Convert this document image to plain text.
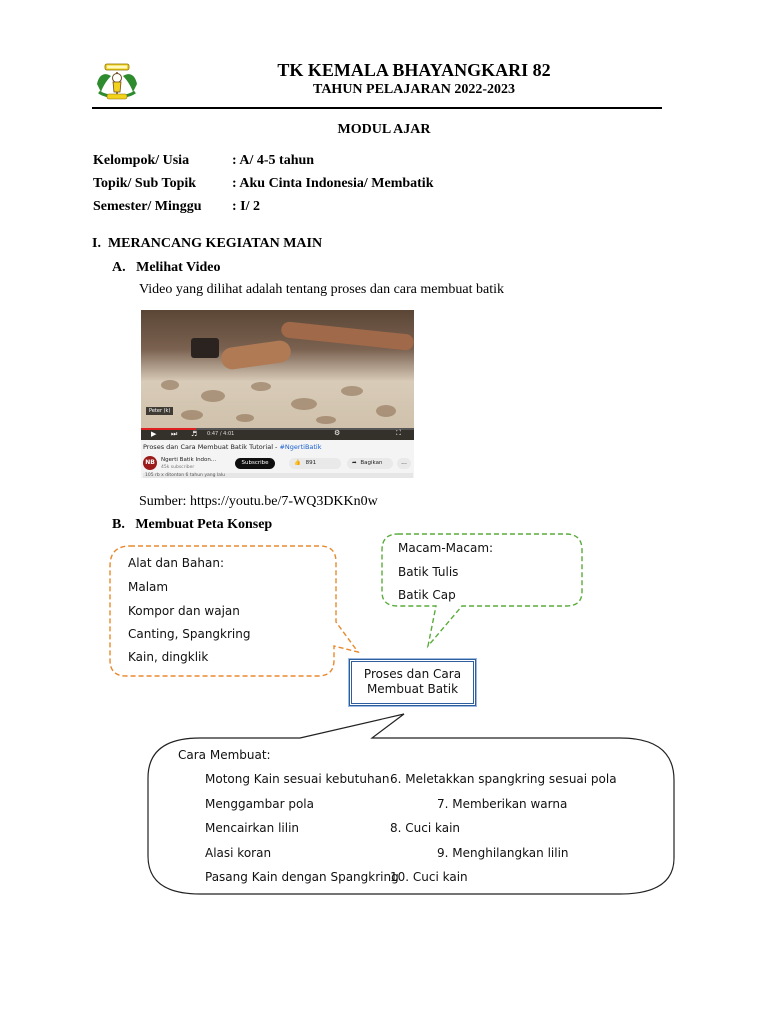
TK KEMALA BHAYANGKARI 82
TAHUN PELAJARAN 2022-2023
MODUL AJAR
Kelompok/ Usia	: A/ 4-5 tahun
Topik/ Sub Topik	: Aku Cinta Indonesia/ Membatik
Semester/ Minggu : I/ 2
I.  MERANCANG KEGIATAN MAIN
A.   Melihat Video
Video yang dilihat adalah tentang proses dan cara membuat batik
Peter (k)
▶ ⏭ ♬ 0:47 / 4:01	⚙	⛶
Proses dan Cara Membuat Batik Tutorial - #NgertiBatik
NB	Ngerti Batik Indon...
45k subscriber
Subscribe	👍 891	➦ Bagikan	...
105 rb x ditonton 6 tahun yang lalu
Sumber: https://youtu.be/7-WQ3DKKn0w
B.   Membuat Peta Konsep
Proses dan Cara
Membuat Batik
Alat dan Bahan:
Malam
Kompor dan wajan
Canting, Spangkring
Kain, dingklik
Macam-Macam:
Batik Tulis
Batik Cap
Cara Membuat:
Motong Kain sesuai kebutuhan
Menggambar pola
Mencairkan lilin
Alasi koran
Pasang Kain dengan Spangkring
6. Meletakkan spangkring sesuai pola
7. Memberikan warna
8. Cuci kain
9. Menghilangkan lilin
10. Cuci kain
